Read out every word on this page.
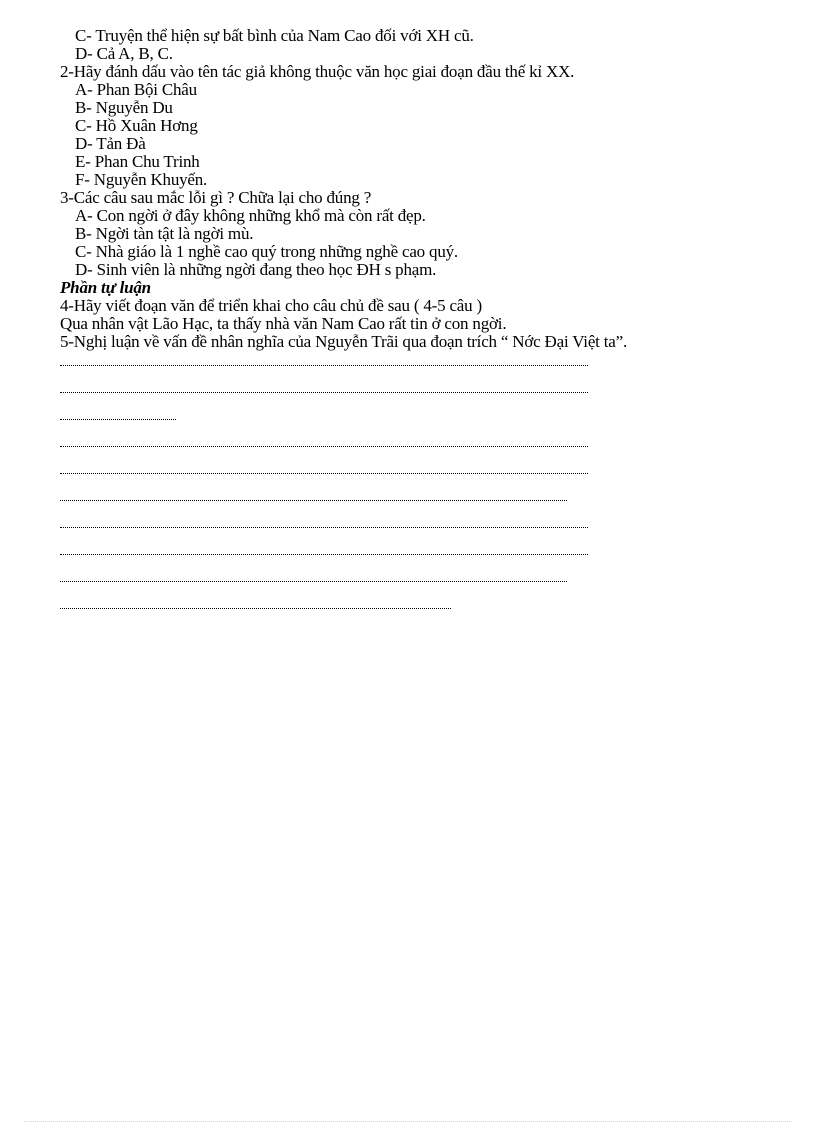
C- Truyện thể hiện sự bất bình của Nam Cao đối với XH cũ.
D- Cả A, B, C.
2-Hãy đánh dấu vào tên tác giả không thuộc văn học giai đoạn đầu thế kỉ XX.
A- Phan Bội Châu
B- Nguyễn Du
C- Hồ Xuân Hơng
D- Tản Đà
E- Phan Chu Trinh
F- Nguyễn Khuyến.
3-Các câu sau mắc lỗi gì ? Chữa lại cho đúng ?
A- Con ngời ở đây không những khổ mà còn rất đẹp.
B- Ngời tàn tật là ngời mù.
C- Nhà giáo là 1 nghề cao quý trong những nghề cao quý.
D- Sinh viên là những ngời đang theo học ĐH s phạm.
Phần tự luận
4-Hãy viết đoạn văn để triển khai cho câu chủ đề sau ( 4-5 câu )
Qua nhân vật Lão Hạc, ta thấy nhà văn Nam Cao rất tin ở con ngời.
5-Nghị luận về vấn đề nhân nghĩa của Nguyễn Trãi qua đoạn trích “ Nớc Đại Việt ta”.
